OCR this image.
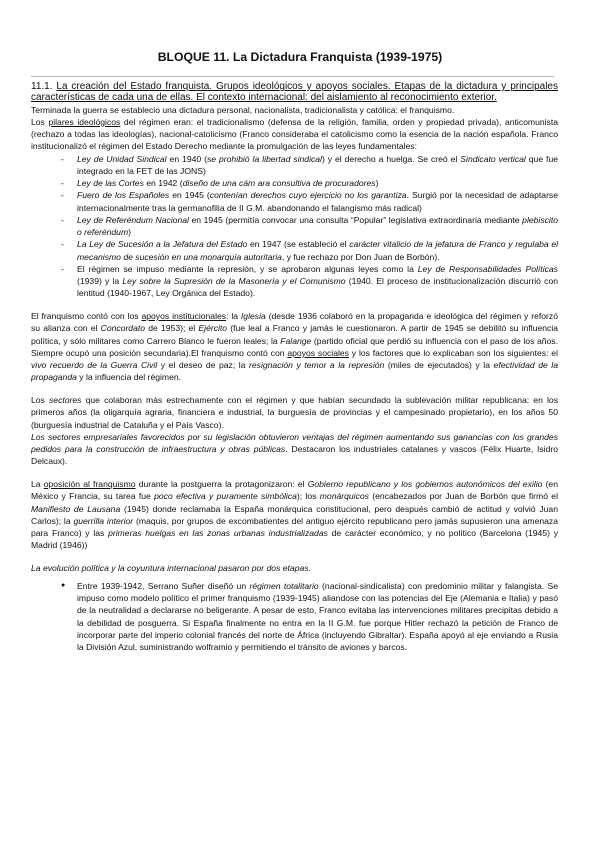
BLOQUE 11. La Dictadura Franquista (1939-1975)

11.1. La creación del Estado franquista. Grupos ideológicos y apoyos sociales. Etapas de la dictadura y principales características de cada una de ellas. El contexto internacional: del aislamiento al reconocimiento exterior.

Terminada la guerra se establecio una dictadura personal, nacionalista, tradicionalista y católica: el franquismo.

Los pilares ideológicos del régimen eran: el tradicionalismo (defensa de la religión, familia, orden y propiedad privada), anticomunista (rechazo a todas las ideologías), nacional-catolicismo (Franco consideraba el catolicismo como la esencia de la nación española. Franco institucionalizó el régimen del Estado Derecho mediante la promulgación de las leyes fundamentales:

- Ley de Unidad Sindical en 1940 (se prohibió la libertad sindical) y el derecho a huelga. Se creó el Sindicato vertical que fue integrado en la FET de las JONS)
- Ley de las Cortes en 1942 (diseño de una cám ara consultiva de procuradores)
- Fuero de los Españoles en 1945 (contenían derechos cuyo ejercicio no los garantiza. Surgió por la necesidad de adaptarse internacionalmente tras la germanofilia de II G.M. abandonando el falangismo más radical)
- Ley de Referéndum Nacional en 1945 (permitía convocar una consulta “Popular” legislativa extraordinaria mediante plebiscito o referéndum)
- La Ley de Sucesión a la Jefatura del Estado en 1947 (se estableció el carácter vitalicio de la jefatura de Franco y regulaba el mecanismo de sucesión en una monarquía autoritaria, y fue rechazo por Don Juan de Borbón).
- El régimen se impuso mediante la represión, y se aprobaron algunas leyes como la Ley de Responsabilidades Políticas (1939) y la Ley sobre la Supresión de la Masonería y el Comunismo (1940. El proceso de institucionalización discurrió con lentitud (1940-1967, Ley Orgánica del Estado).

El franquismo contó con los apoyos institucionales: la Iglesia (desde 1936 colaboró en la propaganda e ideológica del régimen y reforzó su alianza con el Concordato de 1953); el Ejército (fue leal a Franco y jamás le cuestionaron. A partir de 1945 se debilitó su influencia política, y sólo militares como Carrero Blanco le fueron leales; la Falange (partido oficial que perdió su influencia con el paso de los años. Siempre ocupó una posición secundaria).El franquismo contó con apoyos sociales y los factores que lo explicaban son los siguientes: el vivo recuerdo de la Guerra Civil y el deseo de paz; la resignación y temor a la represión (miles de ejecutados) y la efectividad de la propaganda y la influencia del régimen.

Los sectores que colaboran más estrechamente con el régimen y que habían secundado la sublevación militar republicana: en los primeros años (la oligarquía agraria, financiera e industrial, la burguesía de provincias y el campesinado propietario), en los años 50 (burguesía industrial de Cataluña y el País Vasco).

Los sectores empresariales favorecidos por su legislación obtuvieron ventajas del régimen aumentando sus ganancias con los grandes pedidos para la construcción de infraestructura y obras públicas. Destacaron los industriales catalanes y vascos (Félix Huarte, Isidro Delcaux).

La oposición al franquismo durante la postguerra la protagonizaron: el Gobierno republicano y los gobiernos autonómicos del exilio (en México y Francia, su tarea fue poco efectiva y puramente simbólica); los monárquicos (encabezados por Juan de Borbón que firmó el Manifiesto de Lausana (1945) donde reclamaba la España monárquica constitucional, pero después cambió de actitud y volvió Juan Carlos); la guerrilla interior (maquis, por grupos de excombatientes del antiguo ejército republicano pero jamás supusieron una amenaza para Franco) y las primeras huelgas en las zonas urbanas industrializadas de carácter económico, y no político (Barcelona (1945) y Madrid (1946))

La evolución política y la coyuntura internacional pasaron por dos etapas.

● Entre 1939-1942, Serrano Suñer diseñó un régimen totalitario (nacional-sindicalista) con predominio militar y falangista. Se impuso como modelo político el primer franquismo (1939-1945) aliandose con las potencias del Eje (Alemania e Italia) y pasó de la neutralidad a declararse no beligerante. A pesar de esto, Franco evitaba las intervenciones militares precipitas debido a la debilidad de posguerra. Si España finalmente no entra en la II G.M. fue porque Hitler rechazó la petición de Franco de incorporar parte del imperio colonial francés del norte de África (incluyendo Gibraltar). España apoyó al eje enviando a Rusia la División Azul, suministrando wolframio y permitiendo el tránsito de aviones y barcos.
